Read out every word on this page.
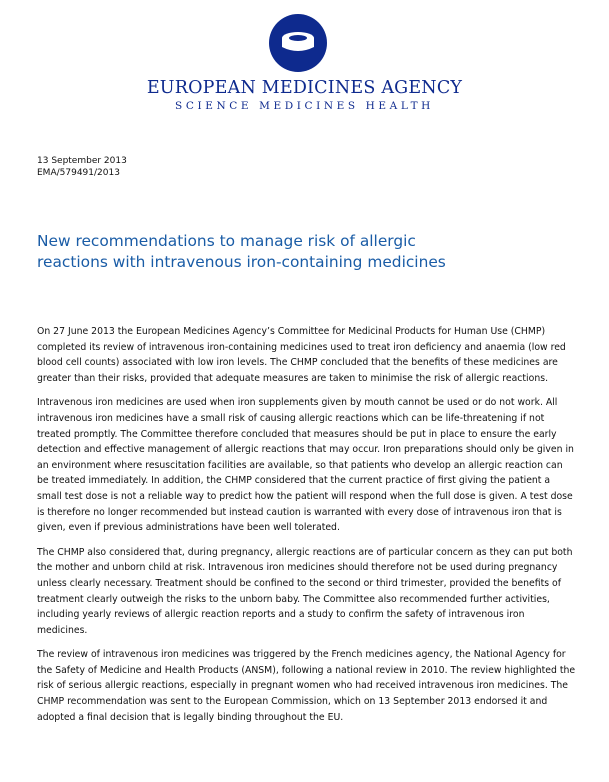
EUROPEAN MEDICINES AGENCY
SCIENCE MEDICINES HEALTH
13 September 2013
EMA/579491/2013
New recommendations to manage risk of allergic
reactions with intravenous iron-containing medicines

On 27 June 2013 the European Medicines Agency’s Committee for Medicinal Products for Human Use (CHMP) completed its review of intravenous iron-containing medicines used to treat iron deficiency and anaemia (low red blood cell counts) associated with low iron levels. The CHMP concluded that the benefits of these medicines are greater than their risks, provided that adequate measures are taken to minimise the risk of allergic reactions.

Intravenous iron medicines are used when iron supplements given by mouth cannot be used or do not work. All intravenous iron medicines have a small risk of causing allergic reactions which can be life-threatening if not treated promptly. The Committee therefore concluded that measures should be put in place to ensure the early detection and effective management of allergic reactions that may occur. Iron preparations should only be given in an environment where resuscitation facilities are available, so that patients who develop an allergic reaction can be treated immediately. In addition, the CHMP considered that the current practice of first giving the patient a small test dose is not a reliable way to predict how the patient will respond when the full dose is given. A test dose is therefore no longer recommended but instead caution is warranted with every dose of intravenous iron that is given, even if previous administrations have been well tolerated.

The CHMP also considered that, during pregnancy, allergic reactions are of particular concern as they can put both the mother and unborn child at risk. Intravenous iron medicines should therefore not be used during pregnancy unless clearly necessary. Treatment should be confined to the second or third trimester, provided the benefits of treatment clearly outweigh the risks to the unborn baby. The Committee also recommended further activities, including yearly reviews of allergic reaction reports and a study to confirm the safety of intravenous iron medicines.

The review of intravenous iron medicines was triggered by the French medicines agency, the National Agency for the Safety of Medicine and Health Products (ANSM), following a national review in 2010. The review highlighted the risk of serious allergic reactions, especially in pregnant women who had received intravenous iron medicines. The CHMP recommendation was sent to the European Commission, which on 13 September 2013 endorsed it and adopted a final decision that is legally binding throughout the EU.
